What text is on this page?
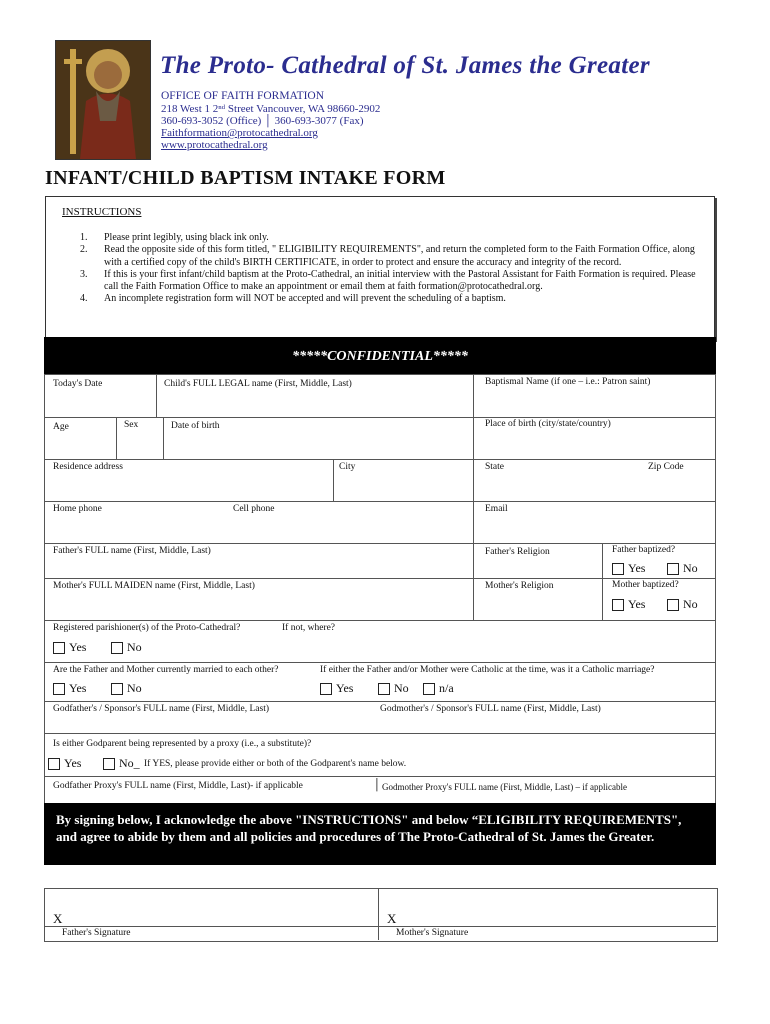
The Proto- Cathedral of St. James the Greater
OFFICE OF FAITH FORMATION
218 West 1 2ⁿᵈ Street Vancouver, WA 98660-2902
360-693-3052 (Office) │ 360-693-3077 (Fax)
Faithformation@protocathedral.org
www.protocathedral.org
INFANT/CHILD BAPTISM INTAKE FORM
INSTRUCTIONS
1.	Please print legibly, using black ink only.
2.	Read the opposite side of this form titled, " ELIGIBILITY REQUIREMENTS", and return the completed form to the Faith Formation Office, along with a certified copy of the child's BIRTH CERTIFICATE, in order to protect and ensure the accuracy and integrity of the record.
3.	If this is your first infant/child baptism at the Proto-Cathedral, an initial interview with the Pastoral Assistant for Faith Formation is required. Please call the Faith Formation Office to make an appointment or email them at faith formation@protocathedral.org.
4.	An incomplete registration form will NOT be accepted and will prevent the scheduling of a baptism.
*****CONFIDENTIAL*****
Today's Date	Child's FULL LEGAL name (First, Middle, Last)	Baptismal Name (if one – i.e.: Patron saint)
Age	Sex	Date of birth	Place of birth (city/state/country)
Residence address	City	State	Zip Code
Home phone	Cell phone	Email
Father's FULL name (First, Middle, Last)	Father's Religion	Father baptized?
Yes	No
Mother's FULL MAIDEN name (First, Middle, Last)	Mother's Religion	Mother baptized?
Yes	No
Registered parishioner(s) of the Proto-Cathedral?	If not, where?
Yes	No
Are the Father and Mother currently married to each other?	If either the Father and/or Mother were Catholic at the time, was it a Catholic marriage?
Yes	No	Yes	No	n/a
Godfather's / Sponsor's FULL name (First, Middle, Last)	Godmother's / Sponsor's FULL name (First, Middle, Last)
Is either Godparent being represented by a proxy (i.e., a substitute)?
Yes	No_ If YES, please provide either or both of the Godparent's name below.
Godfather Proxy's FULL name (First, Middle, Last)- if applicable	│ Godmother Proxy's FULL name (First, Middle, Last) – if applicable
By signing below, I acknowledge the above "INSTRUCTIONS" and below “ELIGIBILITY REQUIREMENTS", and agree to abide by them and all policies and procedures of The Proto-Cathedral of St. James the Greater.
X	X
Father's Signature	Mother's Signature
